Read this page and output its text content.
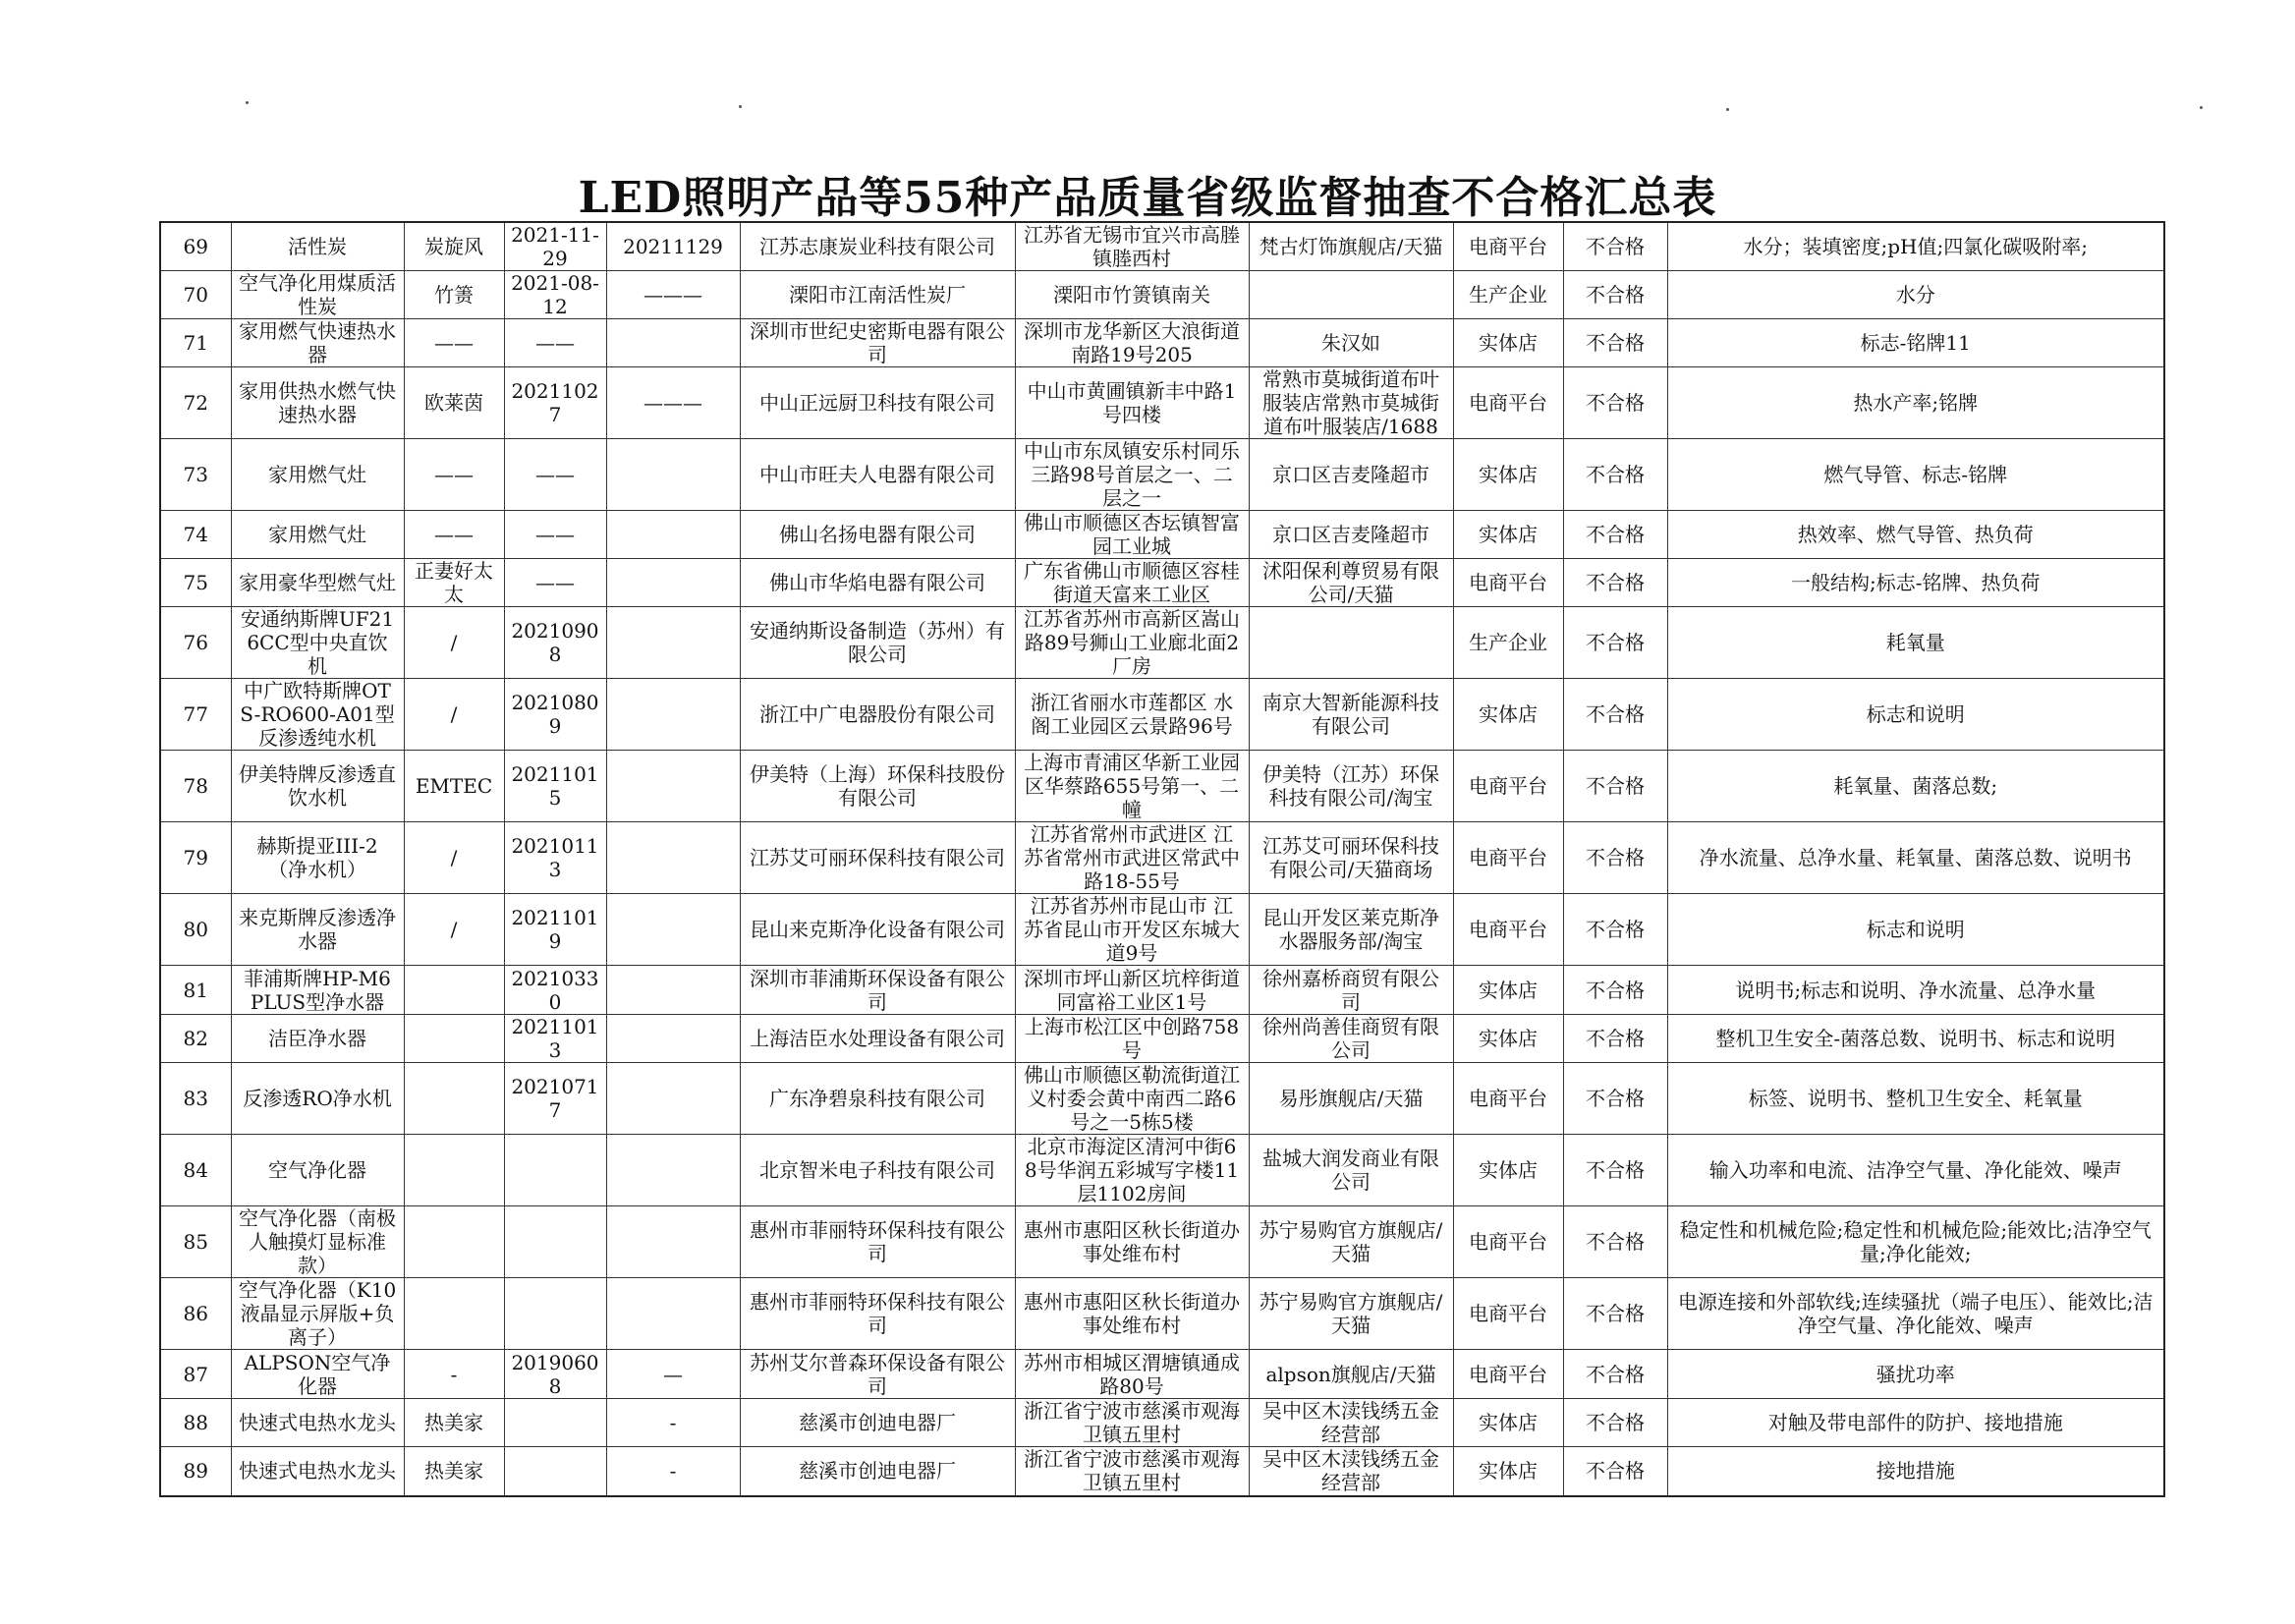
LED照明产品等55种产品质量省级监督抽查不合格汇总表
69	活性炭	炭旋风	2021-11-29	20211129	江苏志康炭业科技有限公司	江苏省无锡市宜兴市高塍镇塍西村	梵古灯饰旗舰店/天猫	电商平台	不合格	水分；装填密度;pH值;四氯化碳吸附率;
70	空气净化用煤质活性炭	竹箦	2021-08-12	———	溧阳市江南活性炭厂	溧阳市竹箦镇南关		生产企业	不合格	水分
71	家用燃气快速热水器	——	——		深圳市世纪史密斯电器有限公司	深圳市龙华新区大浪街道南路19号205	朱汉如	实体店	不合格	标志-铭牌11
72	家用供热水燃气快速热水器	欧莱茵	20211027	———	中山正远厨卫科技有限公司	中山市黄圃镇新丰中路1号四楼	常熟市莫城街道布叶服装店常熟市莫城街道布叶服装店/1688	电商平台	不合格	热水产率;铭牌
73	家用燃气灶	——	——		中山市旺夫人电器有限公司	中山市东凤镇安乐村同乐三路98号首层之一、二层之一	京口区吉麦隆超市	实体店	不合格	燃气导管、标志-铭牌
74	家用燃气灶	——	——		佛山名扬电器有限公司	佛山市顺德区杏坛镇智富园工业城	京口区吉麦隆超市	实体店	不合格	热效率、燃气导管、热负荷
75	家用豪华型燃气灶	正妻好太太	——		佛山市华焰电器有限公司	广东省佛山市顺德区容桂街道天富来工业区	沭阳保利尊贸易有限公司/天猫	电商平台	不合格	一般结构;标志-铭牌、热负荷
76	安通纳斯牌UF216CC型中央直饮机	/	20210908		安通纳斯设备制造（苏州）有限公司	江苏省苏州市高新区嵩山路89号狮山工业廊北面2厂房		生产企业	不合格	耗氧量
77	中广欧特斯牌OTS-RO600-A01型反渗透纯水机	/	20210809		浙江中广电器股份有限公司	浙江省丽水市莲都区 水阁工业园区云景路96号	南京大智新能源科技有限公司	实体店	不合格	标志和说明
78	伊美特牌反渗透直饮水机	EMTEC	20211015		伊美特（上海）环保科技股份有限公司	上海市青浦区华新工业园区华蔡路655号第一、二幢	伊美特（江苏）环保科技有限公司/淘宝	电商平台	不合格	耗氧量、菌落总数;
79	赫斯提亚III-2（净水机）	/	20210113		江苏艾可丽环保科技有限公司	江苏省常州市武进区 江苏省常州市武进区常武中路18-55号	江苏艾可丽环保科技有限公司/天猫商场	电商平台	不合格	净水流量、总净水量、耗氧量、菌落总数、说明书
80	来克斯牌反渗透净水器	/	20211019		昆山来克斯净化设备有限公司	江苏省苏州市昆山市 江苏省昆山市开发区东城大道9号	昆山开发区莱克斯净水器服务部/淘宝	电商平台	不合格	标志和说明
81	菲浦斯牌HP-M6 PLUS型净水器		20210330		深圳市菲浦斯环保设备有限公司	深圳市坪山新区坑梓街道同富裕工业区1号	徐州嘉桥商贸有限公司	实体店	不合格	说明书;标志和说明、净水流量、总净水量
82	洁臣净水器		20211013		上海洁臣水处理设备有限公司	上海市松江区中创路758号	徐州尚善佳商贸有限公司	实体店	不合格	整机卫生安全-菌落总数、说明书、标志和说明
83	反渗透RO净水机		20210717		广东净碧泉科技有限公司	佛山市顺德区勒流街道江义村委会黄中南西二路6号之一5栋5楼	易彤旗舰店/天猫	电商平台	不合格	标签、说明书、整机卫生安全、耗氧量
84	空气净化器				北京智米电子科技有限公司	北京市海淀区清河中街68号华润五彩城写字楼11层1102房间	盐城大润发商业有限公司	实体店	不合格	输入功率和电流、洁净空气量、净化能效、噪声
85	空气净化器（南极人触摸灯显标准款）				惠州市菲丽特环保科技有限公司	惠州市惠阳区秋长街道办事处维布村	苏宁易购官方旗舰店/天猫	电商平台	不合格	稳定性和机械危险;稳定性和机械危险;能效比;洁净空气量;净化能效;
86	空气净化器（K10液晶显示屏版+负离子）				惠州市菲丽特环保科技有限公司	惠州市惠阳区秋长街道办事处维布村	苏宁易购官方旗舰店/天猫	电商平台	不合格	电源连接和外部软线;连续骚扰（端子电压）、能效比;洁净空气量、净化能效、噪声
87	ALPSON空气净化器	-	20190608	—	苏州艾尔普森环保设备有限公司	苏州市相城区渭塘镇通成路80号	alpson旗舰店/天猫	电商平台	不合格	骚扰功率
88	快速式电热水龙头	热美家		-	慈溪市创迪电器厂	浙江省宁波市慈溪市观海卫镇五里村	吴中区木渎钱绣五金经营部	实体店	不合格	对触及带电部件的防护、接地措施
89	快速式电热水龙头	热美家		-	慈溪市创迪电器厂	浙江省宁波市慈溪市观海卫镇五里村	吴中区木渎钱绣五金经营部	实体店	不合格	接地措施
